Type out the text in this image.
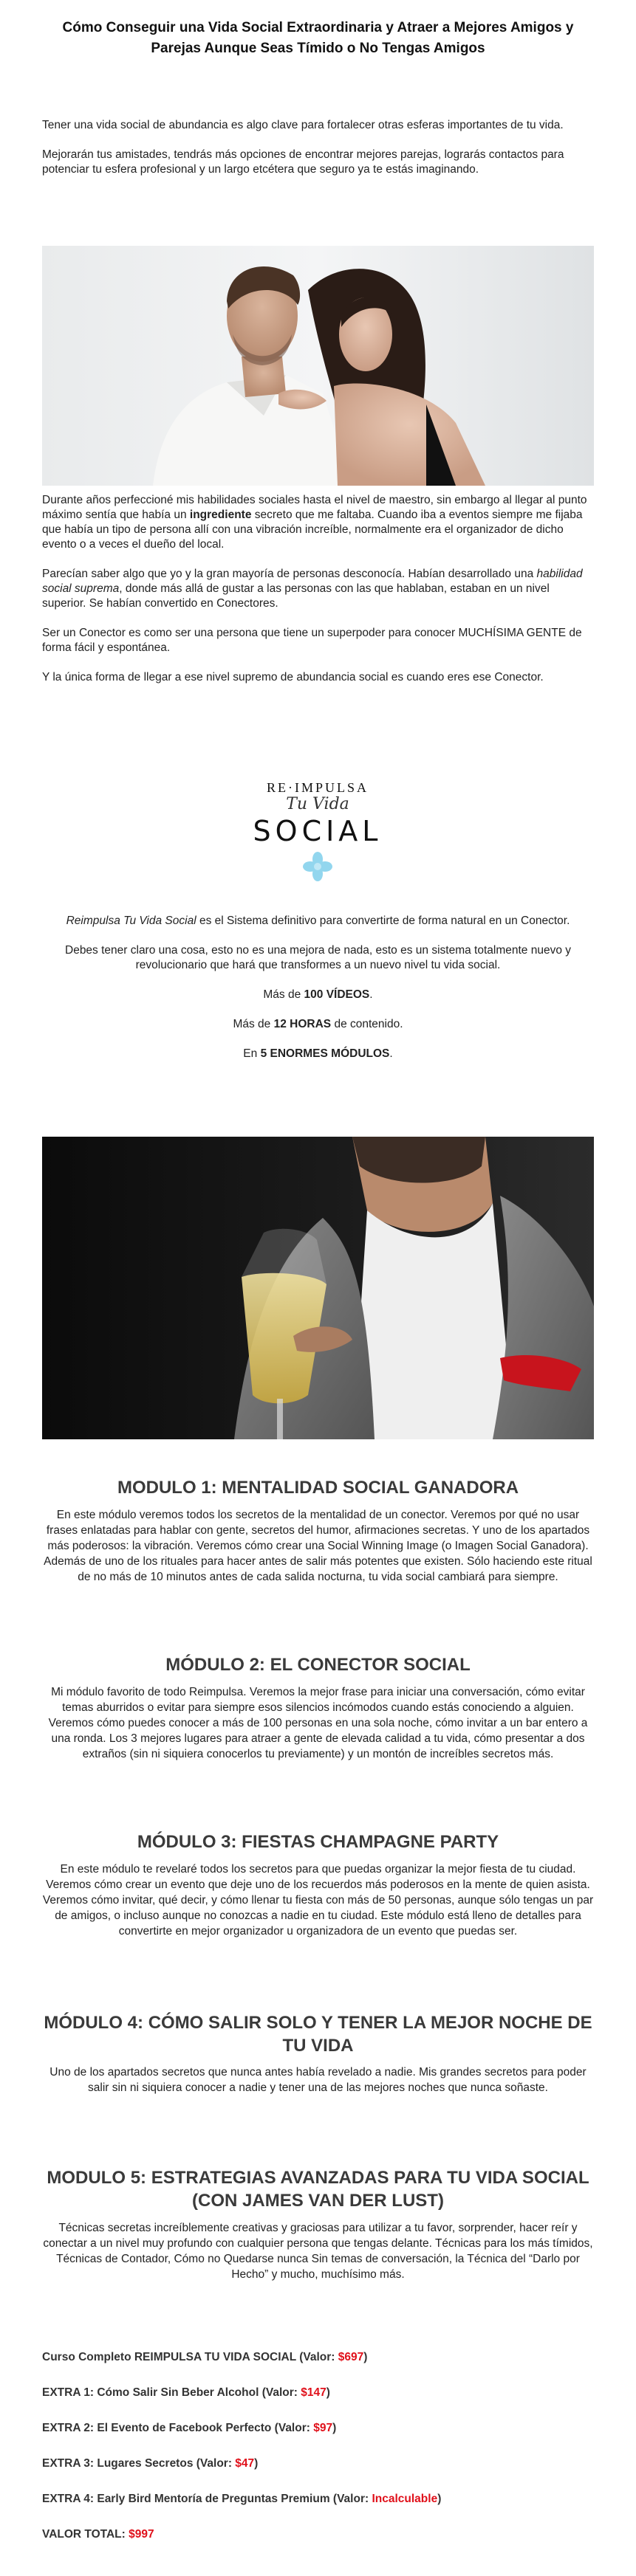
Cómo Conseguir una Vida Social Extraordinaria y Atraer a Mejores Amigos y Parejas Aunque Seas Tímido o No Tengas Amigos

Tener una vida social de abundancia es algo clave para fortalecer otras esferas importantes de tu vida.

Mejorarán tus amistades, tendrás más opciones de encontrar mejores parejas, lograrás contactos para potenciar tu esfera profesional y un largo etcétera que seguro ya te estás imaginando.

Durante años perfeccioné mis habilidades sociales hasta el nivel de maestro, sin embargo al llegar al punto máximo sentía que había un ingrediente secreto que me faltaba. Cuando iba a eventos siempre me fijaba que había un tipo de persona allí con una vibración increíble, normalmente era el organizador de dicho evento o a veces el dueño del local.

Parecían saber algo que yo y la gran mayoría de personas desconocía. Habían desarrollado una habilidad social suprema, donde más allá de gustar a las personas con las que hablaban, estaban en un nivel superior. Se habían convertido en Conectores.

Ser un Conector es como ser una persona que tiene un superpoder para conocer MUCHÍSIMA GENTE de forma fácil y espontánea.

Y la única forma de llegar a ese nivel supremo de abundancia social es cuando eres ese Conector.

RE·IMPULSA
Tu Vida
SOCIAL

Reimpulsa Tu Vida Social es el Sistema definitivo para convertirte de forma natural en un Conector.

Debes tener claro una cosa, esto no es una mejora de nada, esto es un sistema totalmente nuevo y revolucionario que hará que transformes a un nuevo nivel tu vida social.

Más de 100 VÍDEOS.

Más de 12 HORAS de contenido.

En 5 ENORMES MÓDULOS.

MODULO 1: MENTALIDAD SOCIAL GANADORA

En este módulo veremos todos los secretos de la mentalidad de un conector. Veremos por qué no usar frases enlatadas para hablar con gente, secretos del humor, afirmaciones secretas. Y uno de los apartados más poderosos: la vibración. Veremos cómo crear una Social Winning Image (o Imagen Social Ganadora). Además de uno de los rituales para hacer antes de salir más potentes que existen. Sólo haciendo este ritual de no más de 10 minutos antes de cada salida nocturna, tu vida social cambiará para siempre.

MÓDULO 2: EL CONECTOR SOCIAL

Mi módulo favorito de todo Reimpulsa. Veremos la mejor frase para iniciar una conversación, cómo evitar temas aburridos o evitar para siempre esos silencios incómodos cuando estás conociendo a alguien. Veremos cómo puedes conocer a más de 100 personas en una sola noche, cómo invitar a un bar entero a una ronda. Los 3 mejores lugares para atraer a gente de elevada calidad a tu vida, cómo presentar a dos extraños (sin ni siquiera conocerlos tu previamente) y un montón de increíbles secretos más.

MÓDULO 3: FIESTAS CHAMPAGNE PARTY

En este módulo te revelaré todos los secretos para que puedas organizar la mejor fiesta de tu ciudad. Veremos cómo crear un evento que deje uno de los recuerdos más poderosos en la mente de quien asista. Veremos cómo invitar, qué decir, y cómo llenar tu fiesta con más de 50 personas, aunque sólo tengas un par de amigos, o incluso aunque no conozcas a nadie en tu ciudad. Este módulo está lleno de detalles para convertirte en mejor organizador u organizadora de un evento que puedas ser.

MÓDULO 4: CÓMO SALIR SOLO Y TENER LA MEJOR NOCHE DE TU VIDA

Uno de los apartados secretos que nunca antes había revelado a nadie. Mis grandes secretos para poder salir sin ni siquiera conocer a nadie y tener una de las mejores noches que nunca soñaste.

MODULO 5: ESTRATEGIAS AVANZADAS PARA TU VIDA SOCIAL (CON JAMES VAN DER LUST)

Técnicas secretas increíblemente creativas y graciosas para utilizar a tu favor, sorprender, hacer reír y conectar a un nivel muy profundo con cualquier persona que tengas delante. Técnicas para los más tímidos, Técnicas de Contador, Cómo no Quedarse nunca Sin temas de conversación, la Técnica del “Darlo por Hecho” y mucho, muchísimo más.

Curso Completo REIMPULSA TU VIDA SOCIAL (Valor: $697)
EXTRA 1: Cómo Salir Sin Beber Alcohol (Valor: $147)
EXTRA 2: El Evento de Facebook Perfecto (Valor: $97)
EXTRA 3: Lugares Secretos (Valor: $47)
EXTRA 4: Early Bird Mentoría de Preguntas Premium (Valor: Incalculable)
VALOR TOTAL: $997
